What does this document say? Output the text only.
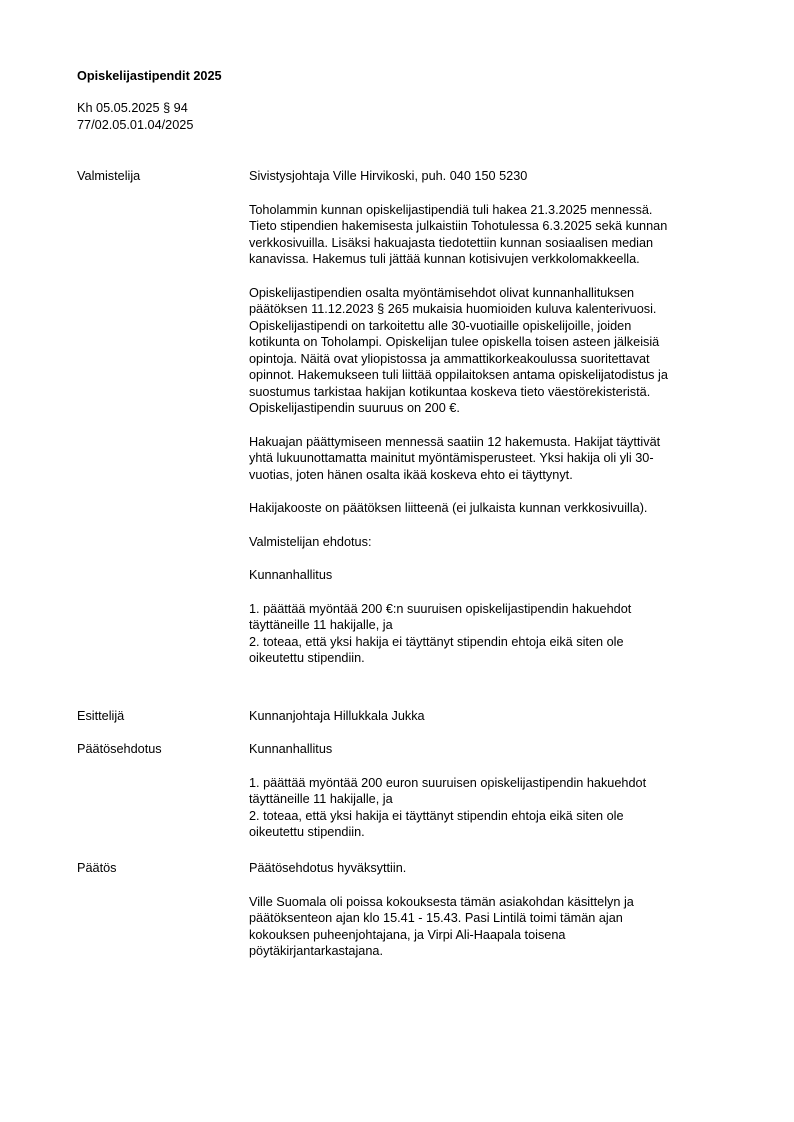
Opiskelijastipendit 2025
Kh 05.05.2025 § 94
77/02.05.01.04/2025
Valmistelija	Sivistysjohtaja Ville Hirvikoski, puh. 040 150 5230

Toholammin kunnan opiskelijastipendiä tuli hakea 21.3.2025 mennessä.
Tieto stipendien hakemisesta julkaistiin Tohotulessa 6.3.2025 sekä kunnan
verkkosivuilla. Lisäksi hakuajasta tiedotettiin kunnan sosiaalisen median
kanavissa. Hakemus tuli jättää kunnan kotisivujen verkkolomakkeella.

Opiskelijastipendien osalta myöntämisehdot olivat kunnanhallituksen
päätöksen 11.12.2023 § 265 mukaisia huomioiden kuluva kalenterivuosi.
Opiskelijastipendi on tarkoitettu alle 30-vuotiaille opiskelijoille, joiden
kotikunta on Toholampi. Opiskelijan tulee opiskella toisen asteen jälkeisiä
opintoja. Näitä ovat yliopistossa ja ammattikorkeakoulussa suoritettavat
opinnot. Hakemukseen tuli liittää oppilaitoksen antama opiskelijatodistus ja
suostumus tarkistaa hakijan kotikuntaa koskeva tieto väestörekisteristä.
Opiskelijastipendin suuruus on 200 €.

Hakuajan päättymiseen mennessä saatiin 12 hakemusta. Hakijat täyttivät
yhtä lukuunottamatta mainitut myöntämisperusteet. Yksi hakija oli yli 30-
vuotias, joten hänen osalta ikää koskeva ehto ei täyttynyt.

Hakijakooste on päätöksen liitteenä (ei julkaista kunnan verkkosivuilla).

Valmistelijan ehdotus:

Kunnanhallitus

1. päättää myöntää 200 €:n suuruisen opiskelijastipendin hakuehdot
täyttäneille 11 hakijalle, ja
2. toteaa, että yksi hakija ei täyttänyt stipendin ehtoja eikä siten ole
oikeutettu stipendiin.

Esittelijä	Kunnanjohtaja Hillukkala Jukka

Päätösehdotus	Kunnanhallitus

1. päättää myöntää 200 euron suuruisen opiskelijastipendin hakuehdot
täyttäneille 11 hakijalle, ja
2. toteaa, että yksi hakija ei täyttänyt stipendin ehtoja eikä siten ole
oikeutettu stipendiin.

Päätös	Päätösehdotus hyväksyttiin.

Ville Suomala oli poissa kokouksesta tämän asiakohdan käsittelyn ja
päätöksenteon ajan klo 15.41 - 15.43. Pasi Lintilä toimi tämän ajan
kokouksen puheenjohtajana, ja Virpi Ali-Haapala toisena
pöytäkirjantarkastajana.
